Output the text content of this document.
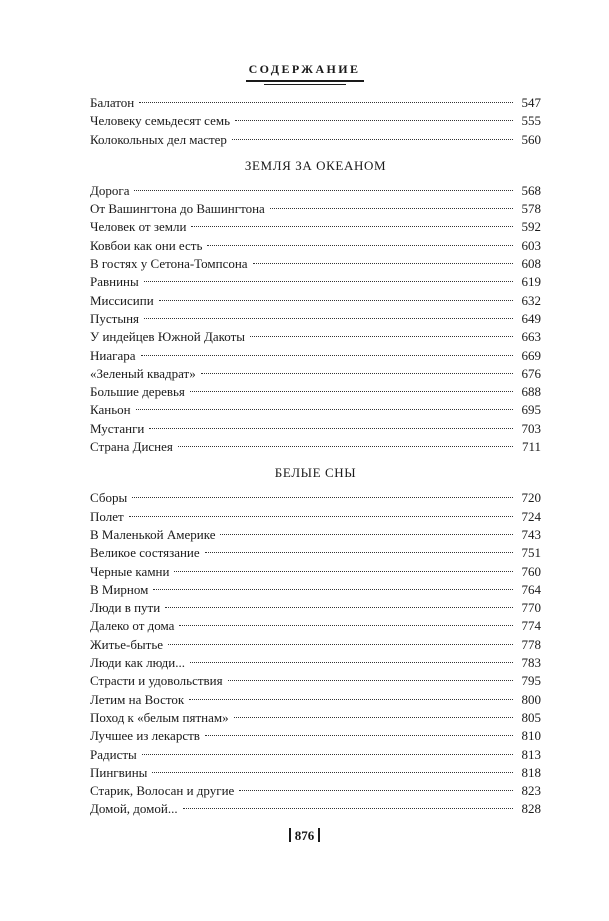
СОДЕРЖАНИЕ
Балатон	547
Человеку семьдесят семь	555
Колокольных дел мастер	560
ЗЕМЛЯ ЗА ОКЕАНОМ
Дорога	568
От Вашингтона до Вашингтона	578
Человек от земли	592
Ковбои как они есть	603
В гостях у Сетона-Томпсона	608
Равнины	619
Миссисипи	632
Пустыня	649
У индейцев Южной Дакоты	663
Ниагара	669
«Зеленый квадрат»	676
Большие деревья	688
Каньон	695
Мустанги	703
Страна Диснея	711
БЕЛЫЕ СНЫ
Сборы	720
Полет	724
В Маленькой Америке	743
Великое состязание	751
Черные камни	760
В Мирном	764
Люди в пути	770
Далеко от дома	774
Житье-бытье	778
Люди как люди...	783
Страсти и удовольствия	795
Летим на Восток	800
Поход к «белым пятнам»	805
Лучшее из лекарств	810
Радисты	813
Пингвины	818
Старик, Волосан и другие	823
Домой, домой...	828
876
